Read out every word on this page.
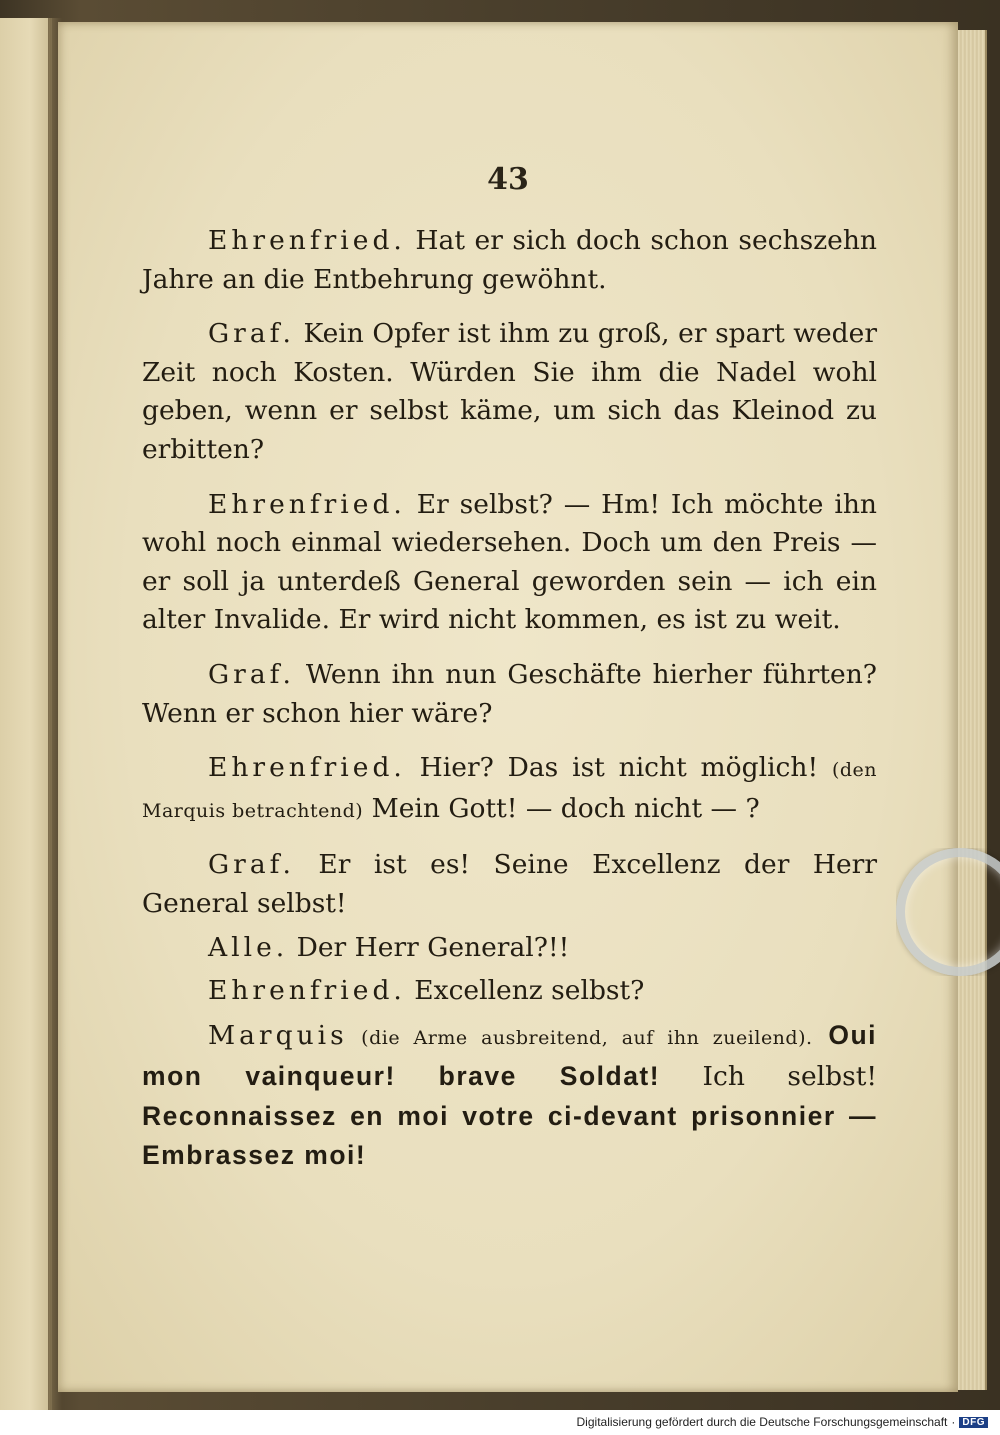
43

Ehrenfried. Hat er sich doch schon sechszehn Jahre an die Entbehrung gewöhnt.

Graf. Kein Opfer ist ihm zu groß, er spart weder Zeit noch Kosten. Würden Sie ihm die Nadel wohl geben, wenn er selbst käme, um sich das Kleinod zu erbitten?

Ehrenfried. Er selbst? — Hm! Ich möchte ihn wohl noch einmal wiedersehen. Doch um den Preis — er soll ja unterdeß General geworden sein — ich ein alter Invalide. Er wird nicht kommen, es ist zu weit.

Graf. Wenn ihn nun Geschäfte hierher führten? Wenn er schon hier wäre?

Ehrenfried. Hier? Das ist nicht möglich! (den Marquis betrachtend) Mein Gott! — doch nicht — ?

Graf. Er ist es! Seine Excellenz der Herr General selbst!

Alle. Der Herr General?!!

Ehrenfried. Excellenz selbst?

Marquis (die Arme ausbreitend, auf ihn zueilend). Oui mon vainqueur! brave Soldat! Ich selbst! Reconnaissez en moi votre ci-devant prisonnier — Embrassez moi!

Digitalisierung gefördert durch die Deutsche Forschungsgemeinschaft · DFG
